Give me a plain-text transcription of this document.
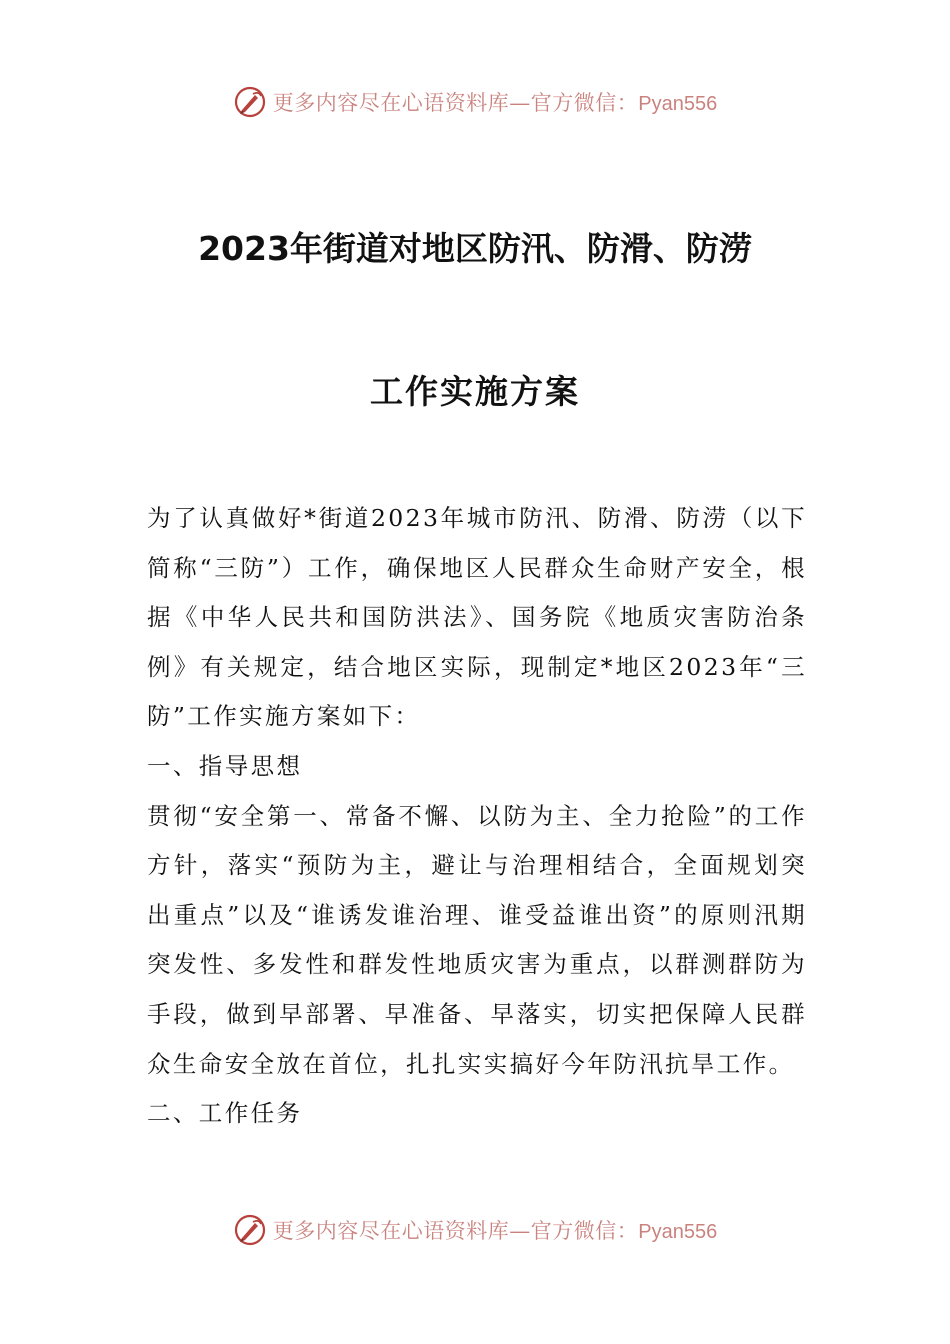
更多内容尽在心语资料库—官方微信：Pyan556
2023年街道对地区防汛、防滑、防涝
工作实施方案

为了认真做好*街道2023年城市防汛、防滑、防涝（以下简称“三防”）工作，确保地区人民群众生命财产安全，根据《中华人民共和国防洪法》、国务院《地质灾害防治条例》有关规定，结合地区实际，现制定*地区2023年“三防”工作实施方案如下：

一、指导思想

贯彻“安全第一、常备不懈、以防为主、全力抢险”的工作方针，落实“预防为主，避让与治理相结合，全面规划突出重点”以及“谁诱发谁治理、谁受益谁出资”的原则汛期突发性、多发性和群发性地质灾害为重点，以群测群防为手段，做到早部署、早准备、早落实，切实把保障人民群众生命安全放在首位，扎扎实实搞好今年防汛抗旱工作。

二、工作任务

更多内容尽在心语资料库—官方微信：Pyan556
